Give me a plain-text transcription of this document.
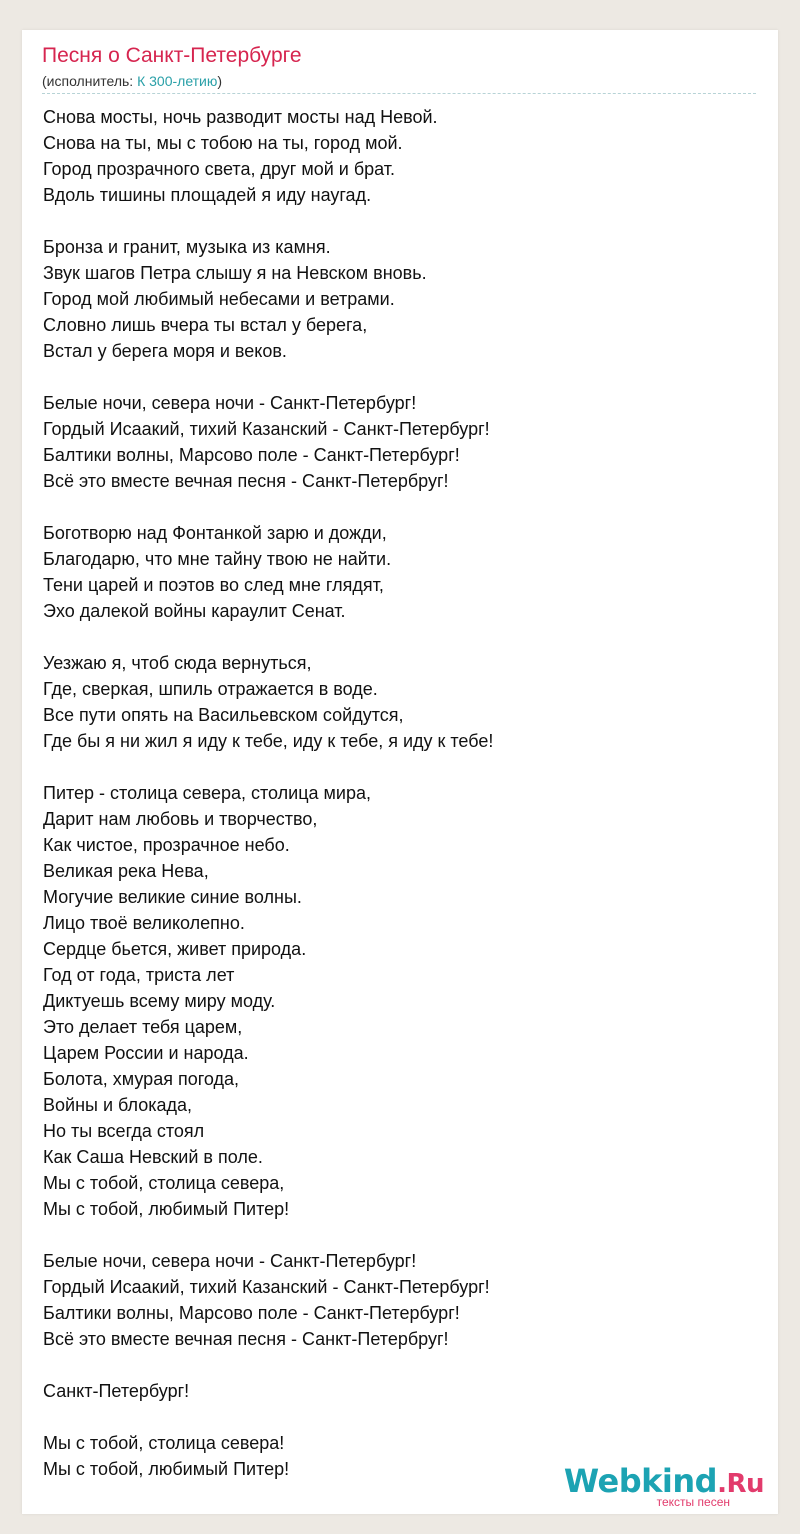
Песня о Санкт-Петербурге
(исполнитель: К 300-летию)
Снова мосты, ночь разводит мосты над Невой.
Снова на ты, мы с тобою на ты, город мой.
Город прозрачного света, друг мой и брат.
Вдоль тишины площадей я иду наугад.
Бронза и гранит, музыка из камня.
Звук шагов Петра слышу я на Невском вновь.
Город мой любимый небесами и ветрами.
Словно лишь вчера ты встал у берега,
Встал у берега моря и веков.
Белые ночи, севера ночи - Санкт-Петербург!
Гордый Исаакий, тихий Казанский - Санкт-Петербург!
Балтики волны, Марсово поле - Санкт-Петербург!
Всё это вместе вечная песня - Санкт-Петербруг!
Боготворю над Фонтанкой зарю и дожди,
Благодарю, что мне тайну твою не найти.
Тени царей и поэтов во след мне глядят,
Эхо далекой войны караулит Сенат.
Уезжаю я, чтоб сюда вернуться,
Где, сверкая, шпиль отражается в воде.
Все пути опять на Васильевском сойдутся,
Где бы я ни жил я иду к тебе, иду к тебе, я иду к тебе!
Питер - столица севера, столица мира,
Дарит нам любовь и творчество,
Как чистое, прозрачное небо.
Великая река Нева,
Могучие великие синие волны.
Лицо твоё великолепно.
Сердце бьется, живет природа.
Год от года, триста лет
Диктуешь всему миру моду.
Это делает тебя царем,
Царем России и народа.
Болота, хмурая погода,
Войны и блокада,
Но ты всегда стоял
Как Саша Невский в поле.
Мы с тобой, столица севера,
Мы с тобой, любимый Питер!
Белые ночи, севера ночи - Санкт-Петербург!
Гордый Исаакий, тихий Казанский - Санкт-Петербург!
Балтики волны, Марсово поле - Санкт-Петербург!
Всё это вместе вечная песня - Санкт-Петербруг!
Санкт-Петербург!
Мы с тобой, столица севера!
Мы с тобой, любимый Питер!	Webkind.Ru
тексты песен
